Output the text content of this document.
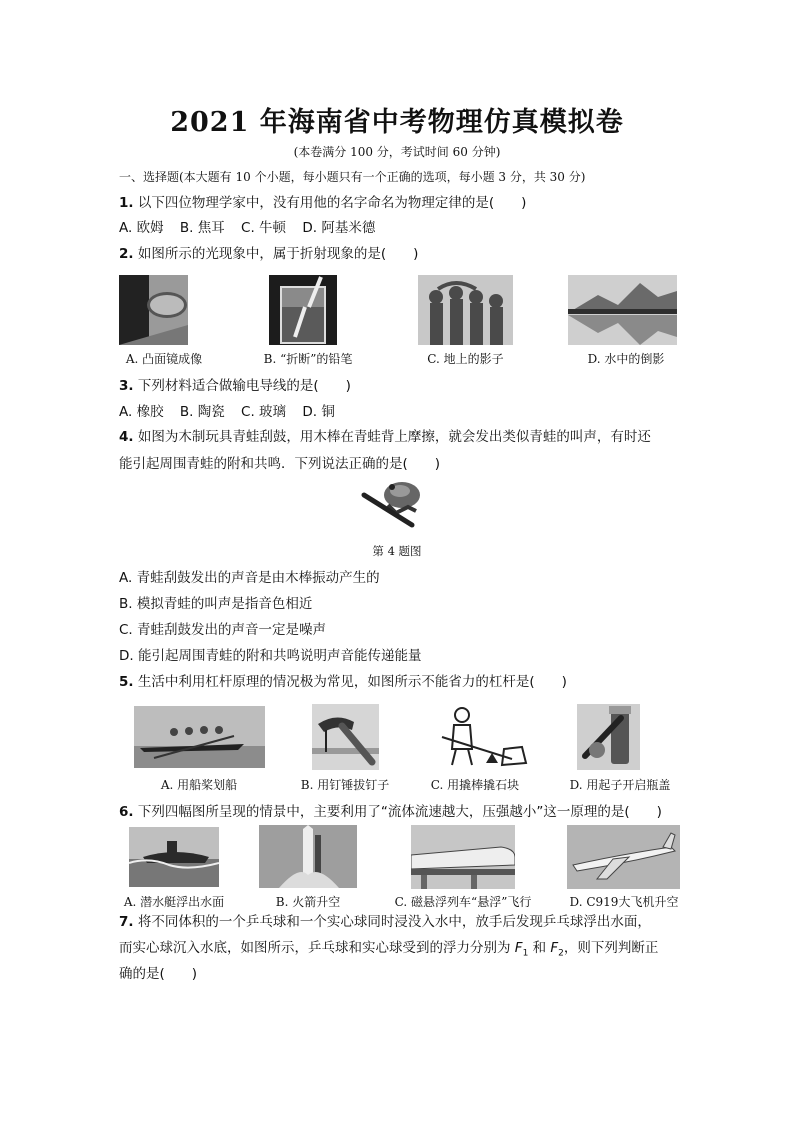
2021 年海南省中考物理仿真模拟卷
(本卷满分 100 分，考试时间 60 分钟)
一、选择题(本大题有 10 个小题，每小题只有一个正确的选项，每小题 3 分，共 30 分)
1. 以下四位物理学家中，没有用他的名字命名为物理定律的是(　　)
A. 欧姆 B. 焦耳 C. 牛顿 D. 阿基米德
2. 如图所示的光现象中，属于折射现象的是(　　)
A. 凸面镜成像	B. “折断”的铅笔	C. 地上的影子	D. 水中的倒影
3. 下列材料适合做输电导线的是(　　)
A. 橡胶 B. 陶瓷 C. 玻璃 D. 铜
4. 如图为木制玩具青蛙刮鼓，用木棒在青蛙背上摩擦，就会发出类似青蛙的叫声，有时还
能引起周围青蛙的附和共鸣．下列说法正确的是(　　)
第 4 题图
A. 青蛙刮鼓发出的声音是由木棒振动产生的
B. 模拟青蛙的叫声是指音色相近
C. 青蛙刮鼓发出的声音一定是噪声
D. 能引起周围青蛙的附和共鸣说明声音能传递能量
5. 生活中利用杠杆原理的情况极为常见，如图所示不能省力的杠杆是(　　)
A. 用船桨划船	B. 用钉锤拔钉子	C. 用撬棒撬石块	D. 用起子开启瓶盖
6. 下列四幅图所呈现的情景中，主要利用了“流体流速越大，压强越小”这一原理的是(　　)
A. 潜水艇浮出水面	B. 火箭升空	C. 磁悬浮列车“悬浮”飞行	D. C919大飞机升空
7. 将不同体积的一个乒乓球和一个实心球同时浸没入水中，放手后发现乒乓球浮出水面，
而实心球沉入水底，如图所示，乒乓球和实心球受到的浮力分别为 $F_1$ 和 $F_2$，则下列判断正
确的是(　　)
